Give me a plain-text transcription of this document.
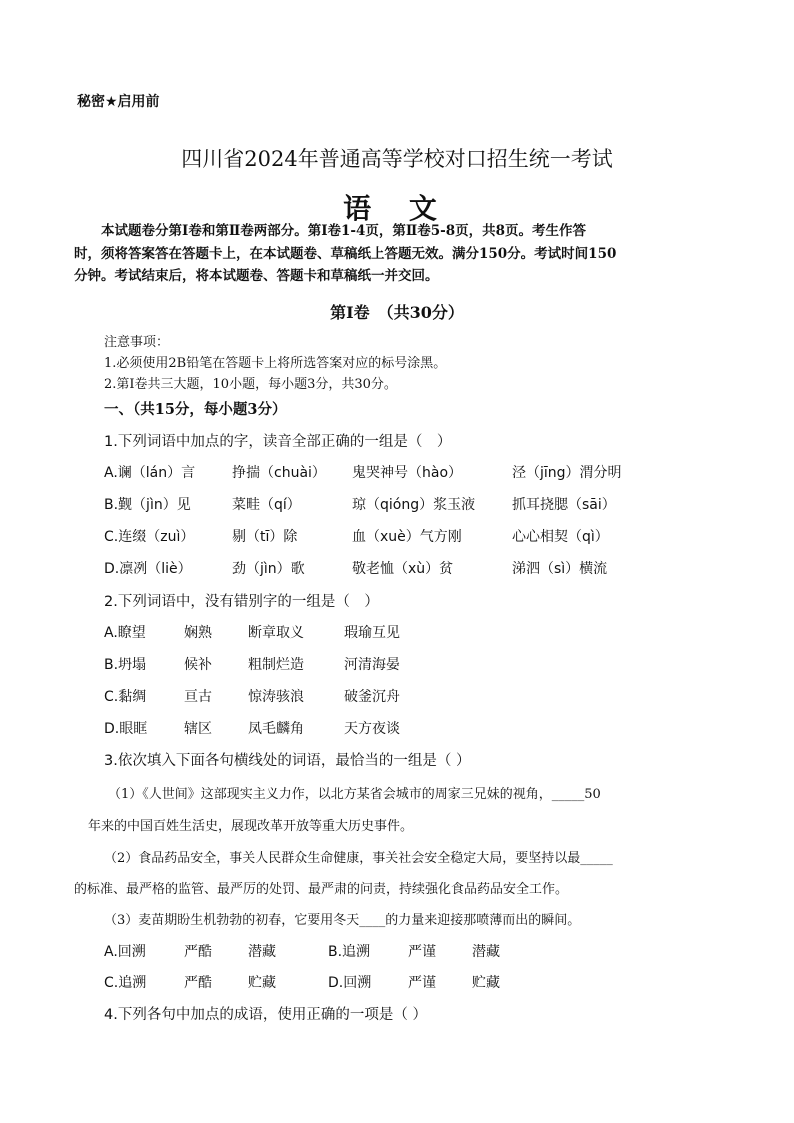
秘密★启用前
四川省2024年普通高等学校对口招生统一考试
语 文
本试题卷分第Ⅰ卷和第Ⅱ卷两部分。第Ⅰ卷1-4页，第Ⅱ卷5-8页，共8页。考生作答
时，须将答案答在答题卡上，在本试题卷、草稿纸上答题无效。满分150分。考试时间150
分钟。考试结束后，将本试题卷、答题卡和草稿纸一并交回。
第Ⅰ卷　（共30分）
注意事项：
1.必须使用2B铅笔在答题卡上将所选答案对应的标号涂黑。
2.第Ⅰ卷共三大题，10小题，每小题3分，共30分。
一、（共15分，每小题3分）
1.下列词语中加点的字，读音全部正确的一组是（　）
A.谰（lán）言	挣揣（chuài） 鬼哭神号（hào）	泾（jīng）渭分明
B.觐（jìn）见	菜畦（qí）	琼（qióng）浆玉液	抓耳挠腮（sāi）
C.连缀（zuì）	剔（tī）除	血（xuè）气方刚	心心相契（qì）
D.凛冽（liè）	劲（jìn）歌	敬老恤（xù）贫	涕泗（sì）横流
2.下列词语中，没有错别字的一组是（　）
A.瞭望	娴熟	断章取义	瑕瑜互见
B.坍塌	候补	粗制烂造	河清海晏
C.黏绸	亘古	惊涛骇浪	破釜沉舟
D.眼眶	辖区	凤毛麟角	天方夜谈
3.依次填入下面各句横线处的词语，最恰当的一组是（ ）
（1）《人世间》这部现实主义力作，以北方某省会城市的周家三兄妹的视角，_____50
年来的中国百姓生活史，展现改革开放等重大历史事件。
（2）食品药品安全，事关人民群众生命健康，事关社会安全稳定大局，要坚持以最_____
的标准、最严格的监管、最严厉的处罚、最严肃的问责，持续强化食品药品安全工作。
（3）麦苗期盼生机勃勃的初春，它要用冬天____的力量来迎接那喷薄而出的瞬间。
A.回溯	严酷	潜藏	B.追溯	严谨	潜藏
C.追溯	严酷	贮藏	D.回溯	严谨	贮藏
4.下列各句中加点的成语，使用正确的一项是（ ）
